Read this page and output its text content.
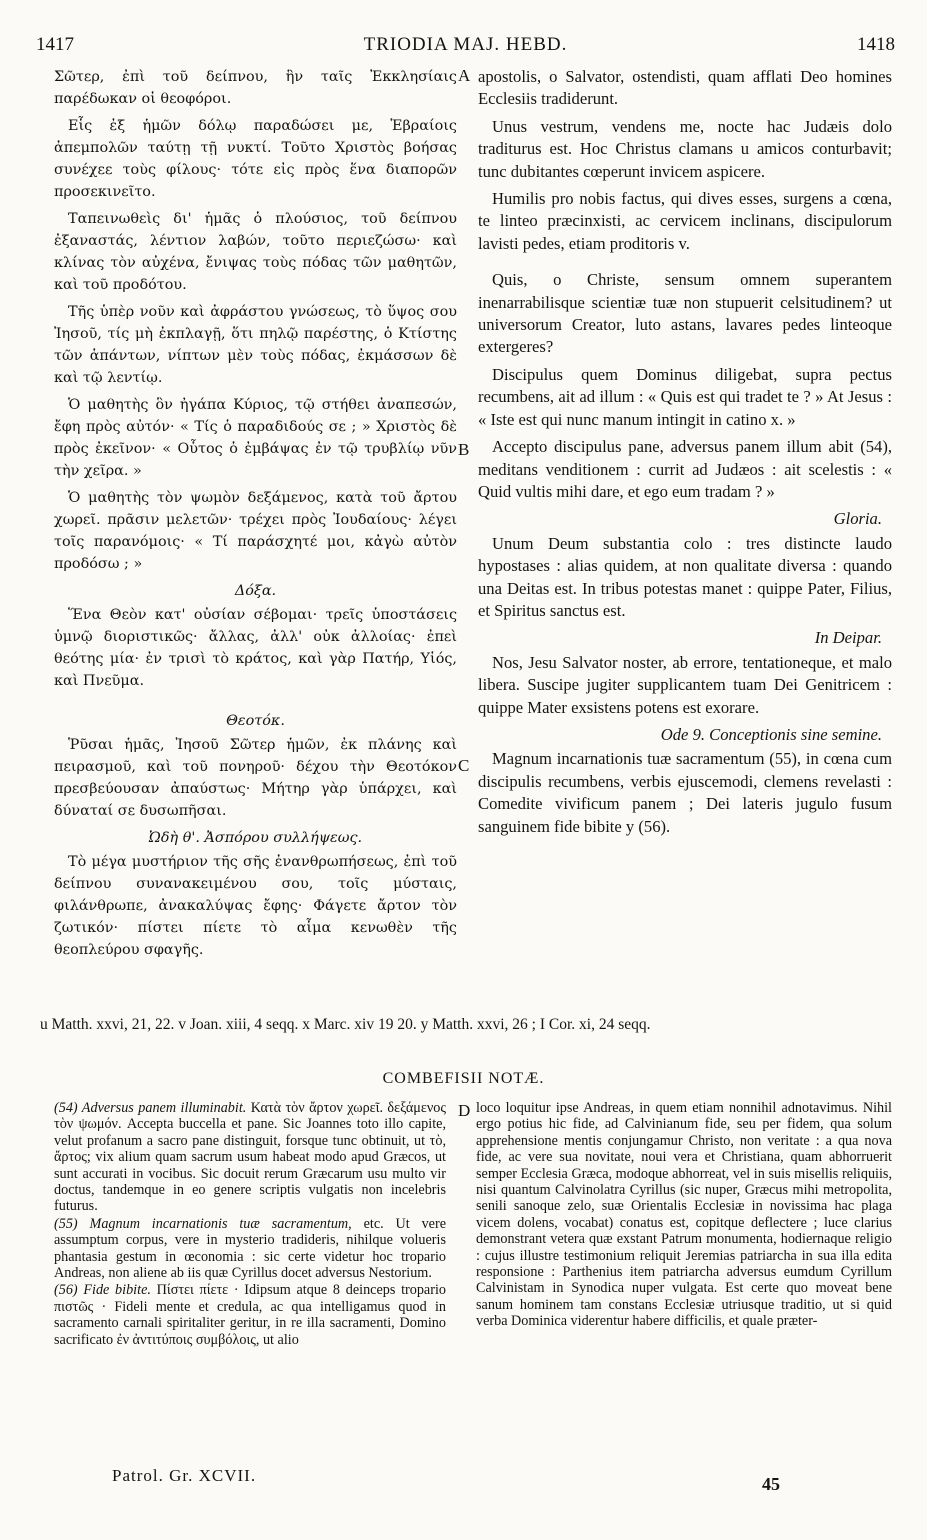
1417	TRIODIA MAJ. HEBD.	1418
A
B
C
D

Σῶτερ, ἐπὶ τοῦ δείπνου, ἣν ταῖς Ἐκκλησίαις παρέδωκαν οἱ θεοφόροι.

Εἷς ἐξ ἡμῶν δόλῳ παραδώσει με, Ἑβραίοις ἀπεμπολῶν ταύτῃ τῇ νυκτί. Τοῦτο Χριστὸς βοήσας συνέχεε τοὺς φίλους· τότε εἰς πρὸς ἕνα διαπορῶν προσεκινεῖτο.

Ταπεινωθεὶς δι' ἡμᾶς ὁ πλούσιος, τοῦ δείπνου ἐξαναστάς, λέντιον λαβών, τοῦτο περιεζώσω· καὶ κλίνας τὸν αὐχένα, ἔνιψας τοὺς πόδας τῶν μαθητῶν, καὶ τοῦ προδότου.

Τῆς ὑπὲρ νοῦν καὶ ἀφράστου γνώσεως, τὸ ὕψος σου Ἰησοῦ, τίς μὴ ἐκπλαγῇ, ὅτι πηλῷ παρέστης, ὁ Κτίστης τῶν ἁπάντων, νίπτων μὲν τοὺς πόδας, ἐκμάσσων δὲ καὶ τῷ λεντίῳ.

Ὁ μαθητὴς ὃν ἠγάπα Κύριος, τῷ στήθει ἀναπεσών, ἔφη πρὸς αὐτόν· « Τίς ὁ παραδιδούς σε ; » Χριστὸς δὲ πρὸς ἐκεῖνον· « Οὗτος ὁ ἐμβάψας ἐν τῷ τρυβλίῳ νῦν τὴν χεῖρα. »

Ὁ μαθητὴς τὸν ψωμὸν δεξάμενος, κατὰ τοῦ ἄρτου χωρεῖ. πρᾶσιν μελετῶν· τρέχει πρὸς Ἰουδαίους· λέγει τοῖς παρανόμοις· « Τί παράσχητέ μοι, κἀγὼ αὐτὸν προδόσω ; »

Δόξα.

Ἕνα Θεὸν κατ' οὐσίαν σέβομαι· τρεῖς ὑποστάσεις ὑμνῷ διοριστικῶς· ἄλλας, ἀλλ' οὐκ ἀλλοίας· ἐπεὶ θεότης μία· ἐν τρισὶ τὸ κράτος, καὶ γὰρ Πατήρ, Υἱός, καὶ Πνεῦμα.

Θεοτόκ.

Ῥῦσαι ἡμᾶς, Ἰησοῦ Σῶτερ ἡμῶν, ἐκ πλάνης καὶ πειρασμοῦ, καὶ τοῦ πονηροῦ· δέχου τὴν Θεοτόκον πρεσβεύουσαν ἀπαύστως· Μήτηρ γὰρ ὑπάρχει, καὶ δύναταί σε δυσωπῆσαι.

Ὠδὴ θ'. Ἀσπόρου συλλήψεως.

Τὸ μέγα μυστήριον τῆς σῆς ἐνανθρωπήσεως, ἐπὶ τοῦ δείπνου συνανακειμένου σου, τοῖς μύσταις, φιλάνθρωπε, ἀνακαλύψας ἔφης· Φάγετε ἄρτον τὸν ζωτικόν· πίστει πίετε τὸ αἷμα κενωθὲν τῆς θεοπλεύρου σφαγῆς.

apostolis, o Salvator, ostendisti, quam afflati Deo homines Ecclesiis tradiderunt.

Unus vestrum, vendens me, nocte hac Judæis dolo traditurus est. Hoc Christus clamans u amicos conturbavit; tunc dubitantes cœperunt invicem aspicere.

Humilis pro nobis factus, qui dives esses, surgens a cœna, te linteo præcinxisti, ac cervicem inclinans, discipulorum lavisti pedes, etiam proditoris v.

Quis, o Christe, sensum omnem superantem inenarrabilisque scientiæ tuæ non stupuerit celsitudinem? ut universorum Creator, luto astans, lavares pedes linteoque extergeres?

Discipulus quem Dominus diligebat, supra pectus recumbens, ait ad illum : « Quis est qui tradet te ? » At Jesus : « Iste est qui nunc manum intingit in catino x. »

Accepto discipulus pane, adversus panem illum abit (54), meditans venditionem : currit ad Judæos : ait scelestis : « Quid vultis mihi dare, et ego eum tradam ? »

Gloria.

Unum Deum substantia colo : tres distincte laudo hypostases : alias quidem, at non qualitate diversa : quando una Deitas est. In tribus potestas manet : quippe Pater, Filius, et Spiritus sanctus est.

In Deipar.

Nos, Jesu Salvator noster, ab errore, tentationeque, et malo libera. Suscipe jugiter supplicantem tuam Dei Genitricem : quippe Mater exsistens potens est exorare.

Ode 9. Conceptionis sine semine.

Magnum incarnationis tuæ sacramentum (55), in cœna cum discipulis recumbens, verbis ejuscemodi, clemens revelasti : Comedite vivificum panem ; Dei lateris jugulo fusum sanguinem fide bibite y (56).

u Matth. xxvi, 21, 22. v Joan. xiii, 4 seqq. x Marc. xiv 19 20. y Matth. xxvi, 26 ; I Cor. xi, 24 seqq.
COMBEFISII NOTÆ.

(54) Adversus panem illuminabit. Κατὰ τὸν ἄρτον χωρεῖ. δεξάμενος τὸν ψωμόν. Accepta buccella et pane. Sic Joannes toto illo capite, velut profanum a sacro pane distinguit, forsque tunc obtinuit, ut τὸ, ἄρτος; vix alium quam sacrum usum habeat modo apud Græcos, ut sunt accurati in vocibus. Sic docuit rerum Græcarum usu multo vir doctus, tandemque in eo genere scriptis vulgatis non incelebris futurus.

(55) Magnum incarnationis tuæ sacramentum, etc. Ut vere assumptum corpus, vere in mysterio tradideris, nihilque volueris phantasia gestum in œconomia : sic certe videtur hoc tropario Andreas, non aliene ab iis quæ Cyrillus docet adversus Nestorium.

(56) Fide bibite. Πίστει πίετε · Idipsum atque 8 deinceps tropario πιστῶς · Fideli mente et credula, ac qua intelligamus quod in sacramento carnali spiritaliter geritur, in re illa sacramenti, Domino sacrificato ἐν ἀντιτύποις συμβόλοις, ut alio

loco loquitur ipse Andreas, in quem etiam nonnihil adnotavimus. Nihil ergo potius hic fide, ad Calvinianum fide, seu per fidem, qua solum apprehensione mentis conjungamur Christo, non veritate : a qua nova fide, ac vere sua novitate, noui vera et Christiana, quam abhorruerit semper Ecclesia Græca, modoque abhorreat, vel in suis misellis reliquiis, nisi quantum Calvinolatra Cyrillus (sic nuper, Græcus mihi metropolita, senili sanoque zelo, suæ Orientalis Ecclesiæ in novissima hac plaga vicem dolens, vocabat) conatus est, copitque deflectere ; luce clarius demonstrant vetera quæ exstant Patrum monumenta, hodiernaque religio : cujus illustre testimonium reliquit Jeremias patriarcha in sua illa edita responsione : Parthenius item patriarcha adversus eumdum Cyrillum Calvinistam in Synodica nuper vulgata. Est certe quo moveat bene sanum hominem tam constans Ecclesiæ utriusque traditio, ut si quid verba Dominica viderentur habere difficilis, et quale præter-

Patrol. Gr. XCVII.	45
